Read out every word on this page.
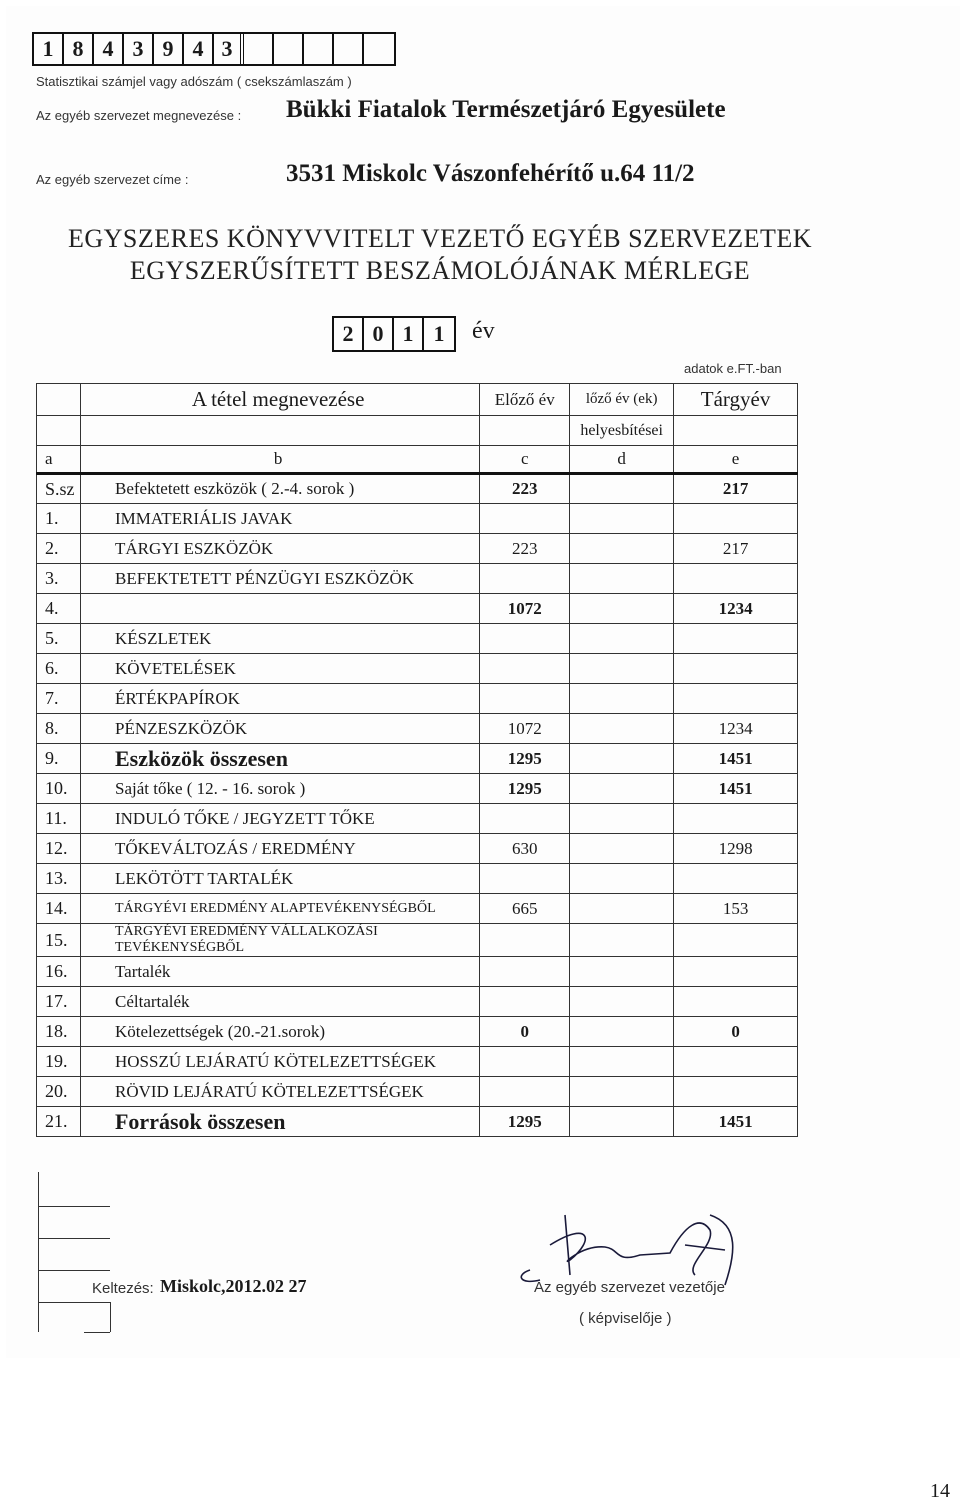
1 8 4 3 9 4 3
Statisztikai számjel vagy adószám ( csekszámlaszám )
Az egyéb szervezet megnevezése : Bükki Fiatalok Természetjáró Egyesülete
Az egyéb szervezet címe :	3531 Miskolc Vászonfehérítő u.64 11/2
EGYSZERES KÖNYVVITELT VEZETŐ EGYÉB SZERVEZETEK
EGYSZERŰSÍTETT BESZÁMOLÓJÁNAK MÉRLEGE
2 0 1 1	év
adatok e.FT.-ban
	A tétel megnevezése	Előző év	lőző év (ek)	Tárgyév
			helyesbítései	
a	b	c	d	e
S.sz	Befektetett eszközök ( 2.-4. sorok )	223		217
1.	IMMATERIÁLIS JAVAK			
2.	TÁRGYI ESZKÖZÖK	223		217
3.	BEFEKTETETT PÉNZÜGYI ESZKÖZÖK			
4.		1072		1234
5.	KÉSZLETEK			
6.	KÖVETELÉSEK			
7.	ÉRTÉKPAPÍROK			
8.	PÉNZESZKÖZÖK	1072		1234
9.	Eszközök összesen	1295		1451
10.	Saját tőke ( 12. - 16. sorok )	1295		1451
11.	INDULÓ TŐKE / JEGYZETT TŐKE			
12.	TŐKEVÁLTOZÁS / EREDMÉNY	630		1298
13.	LEKÖTÖTT TARTALÉK			
14.	TÁRGYÉVI EREDMÉNY ALAPTEVÉKENYSÉGBŐL	665		153
15.	TÁRGYÉVI EREDMÉNY VÁLLALKOZÁSI TEVÉKENYSÉGBŐL			
16.	Tartalék			
17.	Céltartalék			
18.	Kötelezettségek (20.-21.sorok)	0		0
19.	HOSSZÚ LEJÁRATÚ KÖTELEZETTSÉGEK			
20.	RÖVID LEJÁRATÚ KÖTELEZETTSÉGEK			
21.	Források összesen	1295		1451
Keltezés: Miskolc,2012.02 27	Az egyéb szervezet vezetője
( képviselője )
14
